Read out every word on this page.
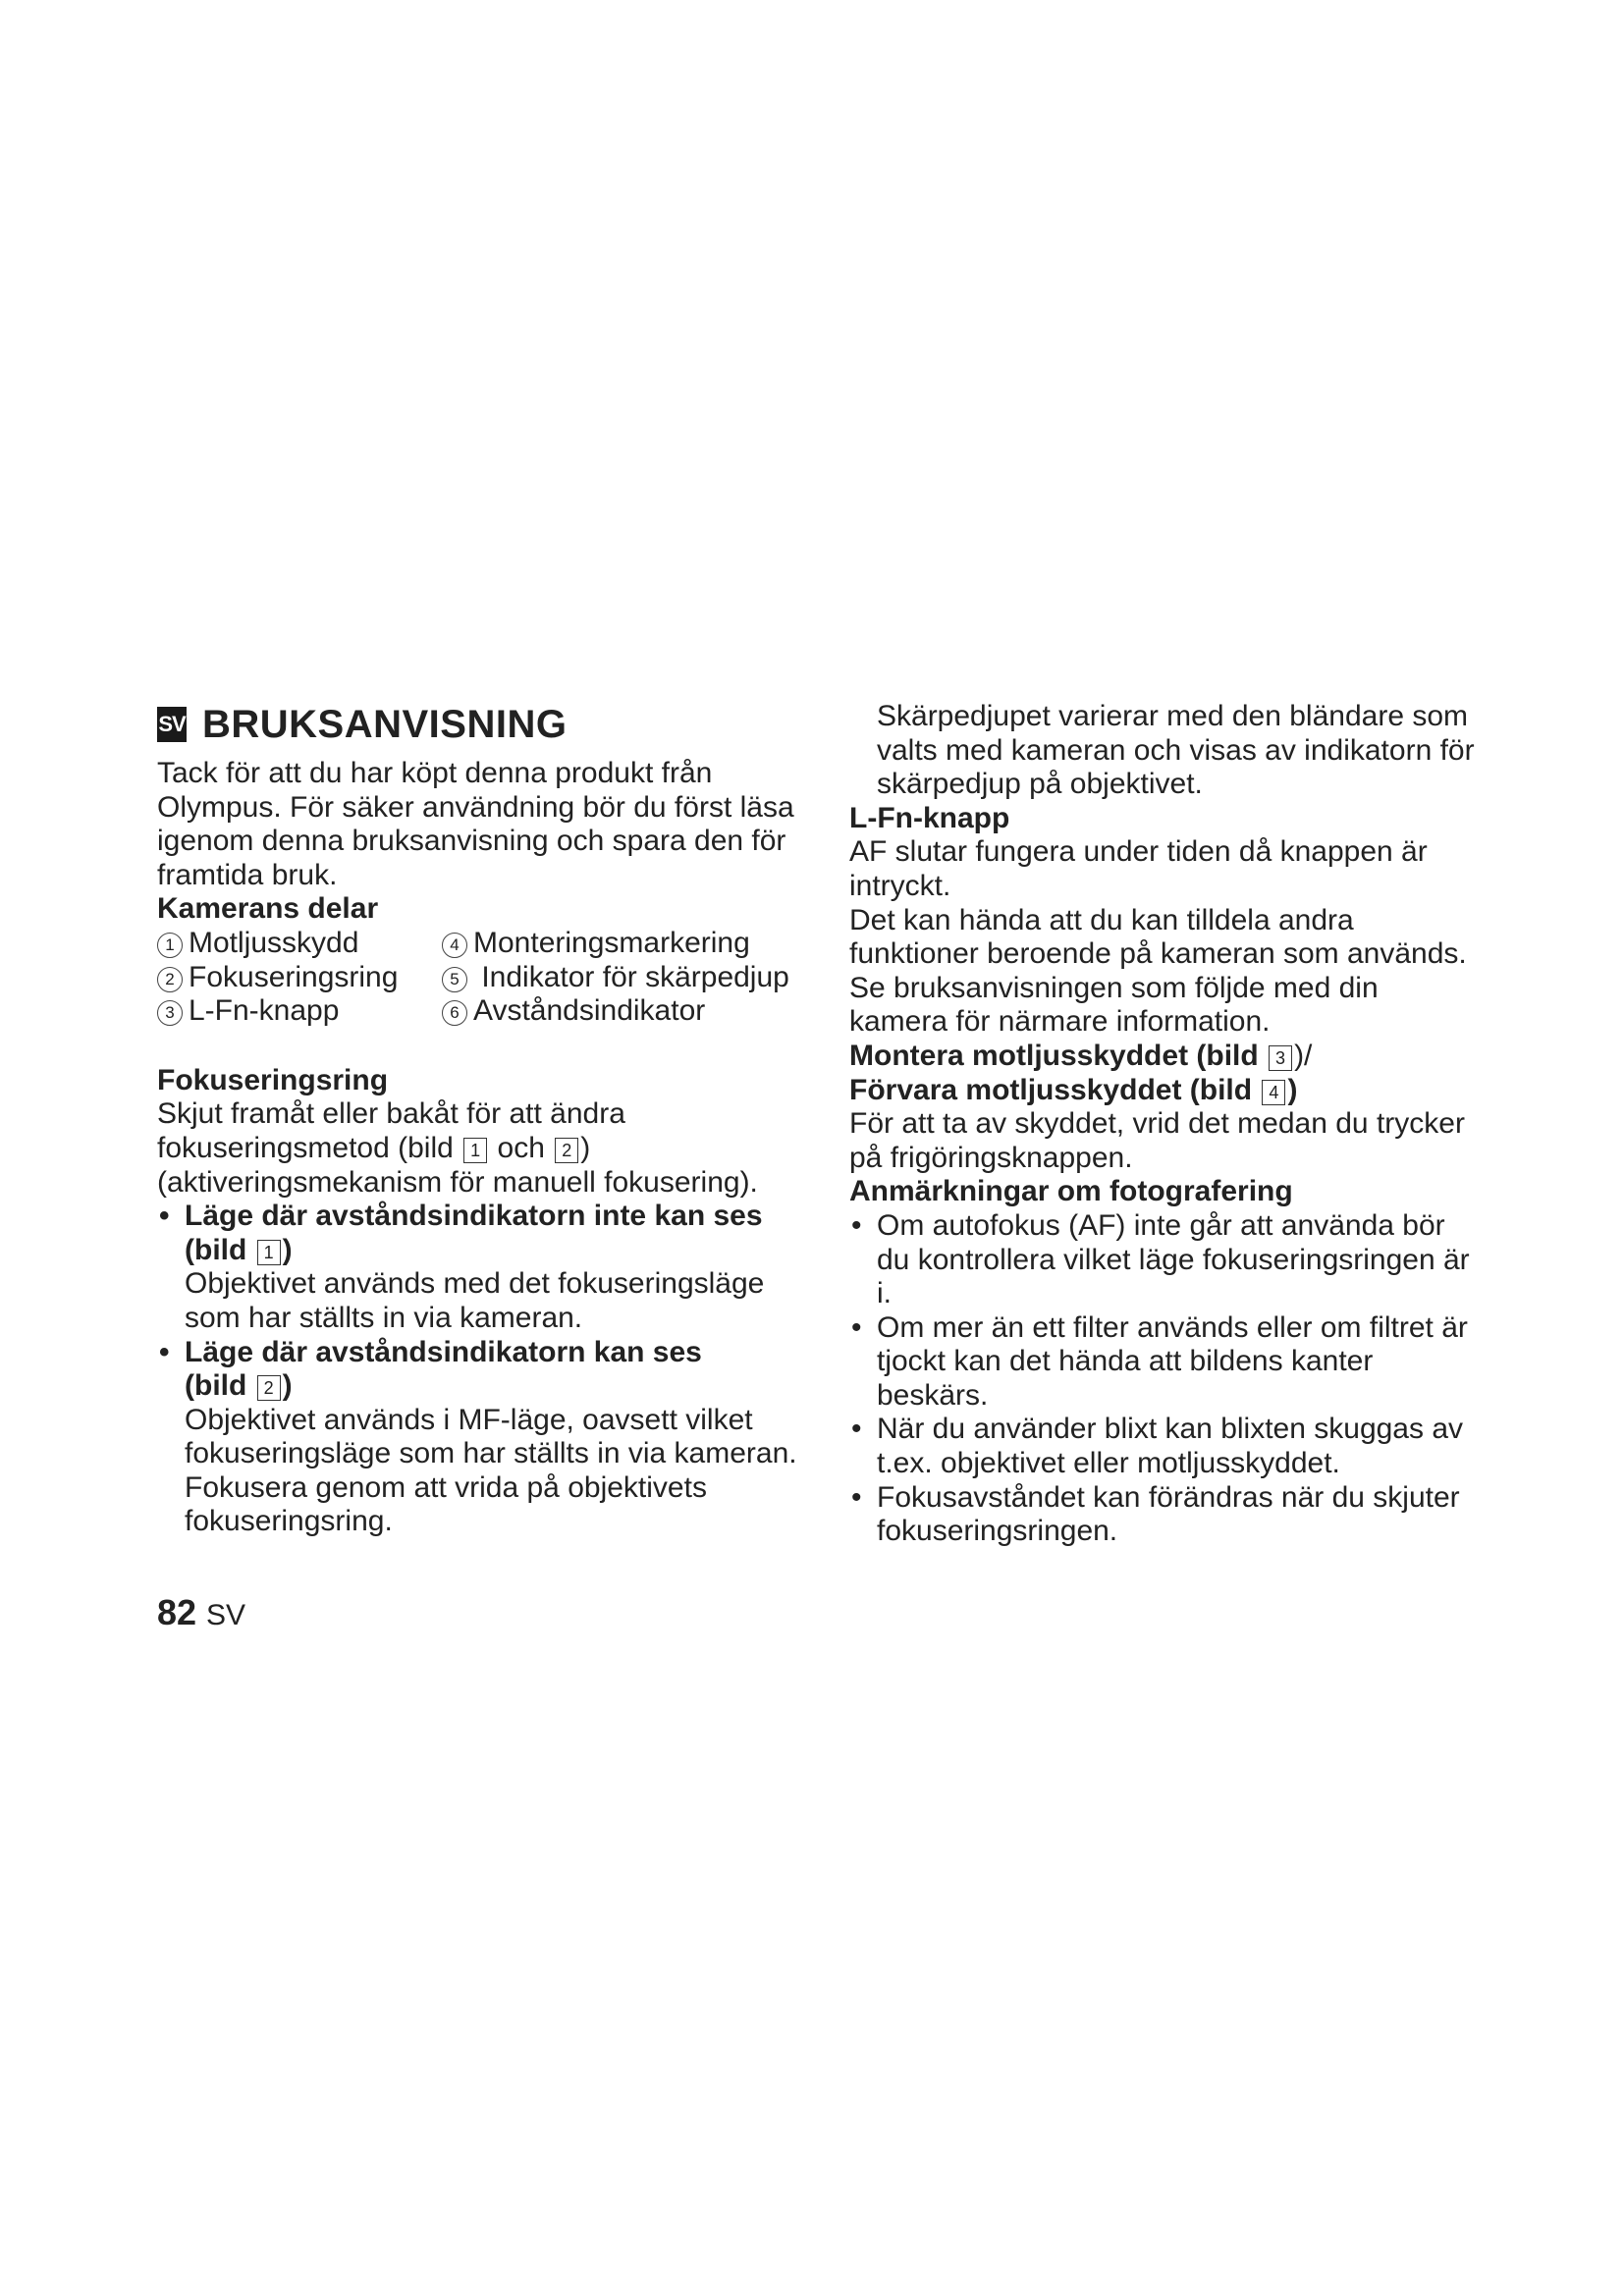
SV BRUKSANVISNING

Tack för att du har köpt denna produkt från Olympus. För säker användning bör du först läsa igenom denna bruksanvisning och spara den för framtida bruk.

Kamerans delar
1 Motljusskydd	4 Monteringsmarkering
2 Fokuseringsring	5 Indikator för skärpedjup
3 L-Fn-knapp	6 Avståndsindikator
Fokuseringsring

Skjut framåt eller bakåt för att ändra fokuseringsmetod (bild 1 och 2 ) (aktiveringsmekanism för manuell fokusering).

• Läge där avståndsindikatorn inte kan ses
(bild 1 )

Objektivet används med det fokuseringsläge som har ställts in via kameran.

• Läge där avståndsindikatorn kan ses
(bild 2 )

Objektivet används i MF-läge, oavsett vilket fokuseringsläge som har ställts in via kameran.

Fokusera genom att vrida på objektivets fokuseringsring.

Skärpedjupet varierar med den bländare som valts med kameran och visas av indikatorn för skärpedjup på objektivet.

L-Fn-knapp

AF slutar fungera under tiden då knappen är intryckt.

Det kan hända att du kan tilldela andra funktioner beroende på kameran som används. Se bruksanvisningen som följde med din kamera för närmare information.

Montera motljusskyddet (bild 3 )/
Förvara motljusskyddet (bild 4 )

För att ta av skyddet, vrid det medan du trycker på frigöringsknappen.

Anmärkningar om fotografering
• Om autofokus (AF) inte går att använda bör du kontrollera vilket läge fokuseringsringen är i.
• Om mer än ett filter används eller om filtret är tjockt kan det hända att bildens kanter beskärs.
• När du använder blixt kan blixten skuggas av t.ex. objektivet eller motljusskyddet.
• Fokusavståndet kan förändras när du skjuter fokuseringsringen.
82 SV
